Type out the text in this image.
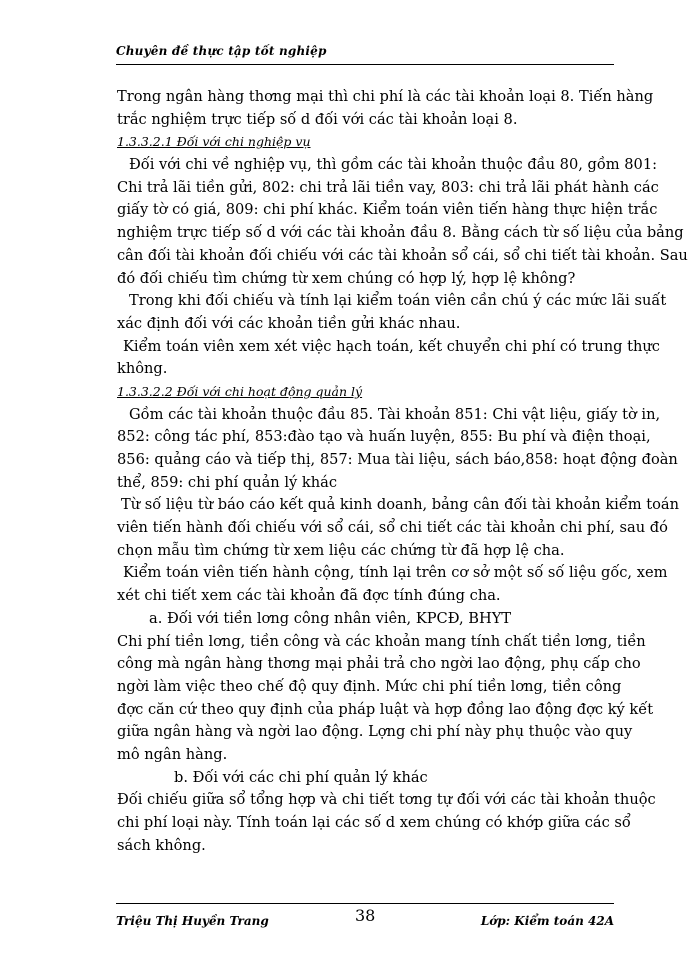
Chuyên đề thực tập tốt nghiệp
Trong ngân hàng thơng mại thì chi phí là các tài khoản loại 8. Tiến hàng
trắc nghiệm trực tiếp số d đối với các tài khoản loại 8.
1.3.3.2.1 Đối với chi nghiệp vụ
Đối với chi về nghiệp vụ, thì gồm các tài khoản thuộc đầu 80, gồm 801:
Chi trả lãi tiền gửi, 802: chi trả lãi tiền vay, 803: chi trả lãi phát hành các
giấy tờ có giá, 809: chi phí khác. Kiểm toán viên tiến hàng thực hiện trắc
nghiệm trực tiếp số d với các tài khoản đầu 8. Bằng cách từ số liệu của bảng
cân đối tài khoản đối chiếu với các tài khoản sổ cái, sổ chi tiết tài khoản. Sau
đó đối chiếu tìm chứng từ xem chúng có hợp lý, hợp lệ không?
Trong khi đối chiếu và tính lại kiểm toán viên cần chú ý các mức lãi suất
xác định đối với các khoản tiền gửi khác nhau.
Kiểm toán viên xem xét việc hạch toán, kết chuyển chi phí có trung thực
không.
1.3.3.2.2 Đối với chi hoạt động quản lý
Gồm các tài khoản thuộc đầu 85. Tài khoản 851: Chi vật liệu, giấy tờ in,
852: công tác phí, 853:đào tạo và huấn luyện, 855: Bu phí và điện thoại,
856: quảng cáo và tiếp thị, 857: Mua tài liệu, sách báo,858: hoạt động đoàn
thể, 859: chi phí quản lý khác
Từ số liệu từ báo cáo kết quả kinh doanh, bảng cân đối tài khoản kiểm toán
viên tiến hành đối chiếu với sổ cái, sổ chi tiết các tài khoản chi phí, sau đó
chọn mẫu tìm chứng từ xem liệu các chứng từ đã hợp lệ cha.
Kiểm toán viên tiến hành cộng, tính lại trên cơ sở một số số liệu gốc, xem
xét chi tiết xem các tài khoản đã đợc tính đúng cha.
a. Đối với tiền lơng công nhân viên, KPCĐ, BHYT
Chi phí tiền lơng, tiền công và các khoản mang tính chất tiền lơng, tiền
công mà ngân hàng thơng mại phải trả cho ngời lao động, phụ cấp cho
ngời làm việc theo chế độ quy định. Mức chi phí tiền lơng, tiền công
đợc căn cứ theo quy định của pháp luật và hợp đồng lao động đợc ký kết
giữa ngân hàng và ngời lao động. Lợng chi phí này phụ thuộc vào quy
mô ngân hàng.
b. Đối với các chi phí quản lý khác
Đối chiếu giữa sổ tổng hợp và chi tiết tơng tự đối với các tài khoản thuộc
chi phí loại này. Tính toán lại các số d xem chúng có khớp giữa các sổ
sách không.
Triệu Thị Huyền Trang	38	Lớp: Kiểm toán 42A
